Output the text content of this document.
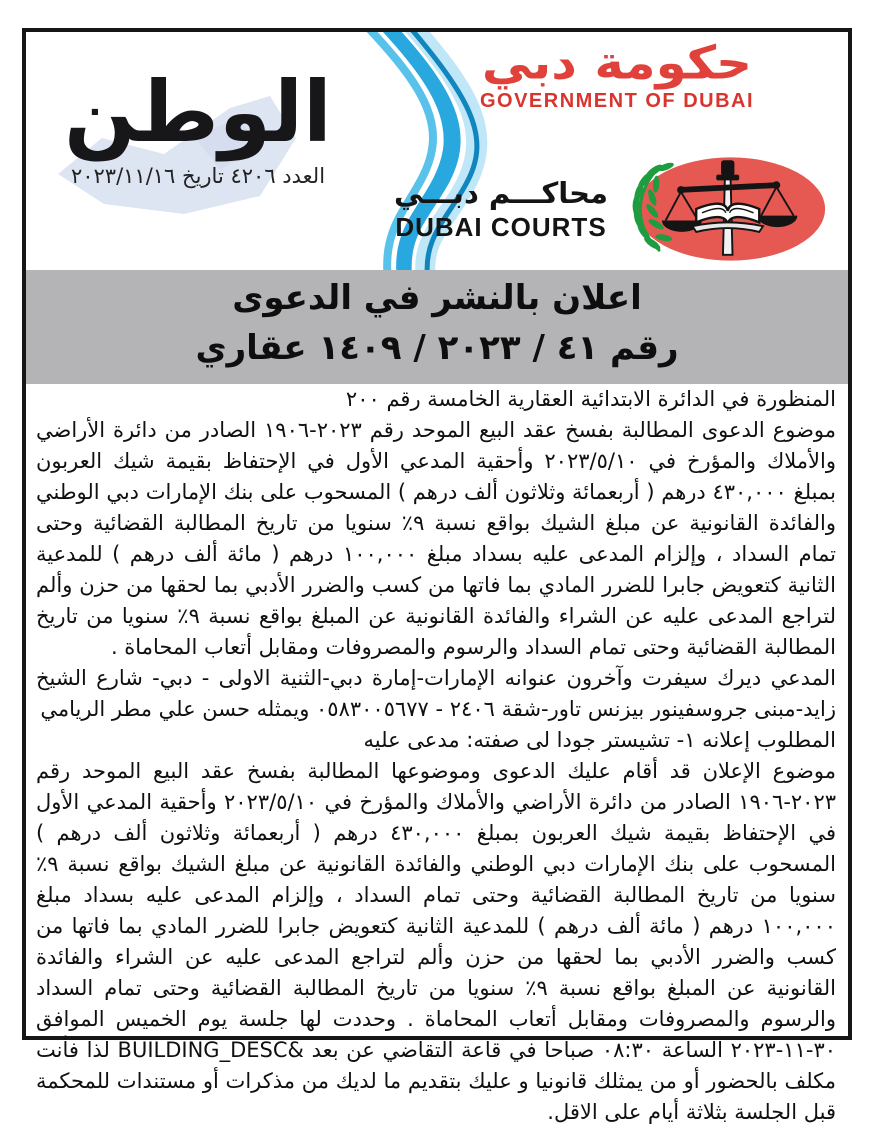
الوطن
العدد ٤٢٠٦ تاريخ ٢٠٢٣/١١/١٦
حكومة دبي
GOVERNMENT OF DUBAI
محاكـــم دبـــي
DUBAI COURTS
اعلان بالنشر في الدعوى
رقم ٤١ / ٢٠٢٣ / ١٤٠٩ عقاري

المنظورة في الدائرة الابتدائية العقارية الخامسة رقم ٢٠٠

موضوع الدعوى المطالبة بفسخ عقد البيع الموحد رقم ٢٠٢٣-١٩٠٦ الصادر من دائرة الأراضي والأملاك والمؤرخ في ٢٠٢٣/٥/١٠ وأحقية المدعي الأول في الإحتفاظ بقيمة شيك العربون بمبلغ ٤٣٠,٠٠٠ درهم ( أربعمائة وثلاثون ألف درهم ) المسحوب على بنك الإمارات دبي الوطني والفائدة القانونية عن مبلغ الشيك بواقع نسبة ٩٪ سنويا من تاريخ المطالبة القضائية وحتى تمام السداد ، وإلزام المدعى عليه بسداد مبلغ ١٠٠,٠٠٠ درهم ( مائة ألف درهم ) للمدعية الثانية كتعويض جابرا للضرر المادي بما فاتها من كسب والضرر الأدبي بما لحقها من حزن وألم لتراجع المدعى عليه عن الشراء والفائدة القانونية عن المبلغ بواقع نسبة ٩٪ سنويا من تاريخ المطالبة القضائية وحتى تمام السداد والرسوم والمصروفات ومقابل أتعاب المحاماة .

المدعي ديرك سيفرت وآخرون عنوانه الإمارات-إمارة دبي-الثنية الاولى - دبي- شارع الشيخ زايد-مبنى جروسفينور بيزنس تاور-شقة ٢٤٠٦ - ٠٥٨٣٠٠٥٦٧٧ ويمثله حسن علي مطر الريامي

المطلوب إعلانه ١- تشيستر جودا لى صفته: مدعى عليه

موضوع الإعلان قد أقام عليك الدعوى وموضوعها المطالبة بفسخ عقد البيع الموحد رقم ٢٠٢٣-١٩٠٦ الصادر من دائرة الأراضي والأملاك والمؤرخ في ٢٠٢٣/٥/١٠ وأحقية المدعي الأول في الإحتفاظ بقيمة شيك العربون بمبلغ ٤٣٠,٠٠٠ درهم ( أربعمائة وثلاثون ألف درهم ) المسحوب على بنك الإمارات دبي الوطني والفائدة القانونية عن مبلغ الشيك بواقع نسبة ٩٪ سنويا من تاريخ المطالبة القضائية وحتى تمام السداد ، وإلزام المدعى عليه بسداد مبلغ ١٠٠,٠٠٠ درهم ( مائة ألف درهم ) للمدعية الثانية كتعويض جابرا للضرر المادي بما فاتها من كسب والضرر الأدبي بما لحقها من حزن وألم لتراجع المدعى عليه عن الشراء والفائدة القانونية عن المبلغ بواقع نسبة ٩٪ سنويا من تاريخ المطالبة القضائية وحتى تمام السداد والرسوم والمصروفات ومقابل أتعاب المحاماة . وحددت لها جلسة يوم الخميس الموافق ٣٠-١١-٢٠٢٣ الساعة ٠٨:٣٠ صباحا في قاعة التقاضي عن بعد &BUILDING_DESC لذا فأنت مكلف بالحضور أو من يمثلك قانونيا و عليك بتقديم ما لديك من مذكرات أو مستندات للمحكمة قبل الجلسة بثلاثة أيام على الاقل.
